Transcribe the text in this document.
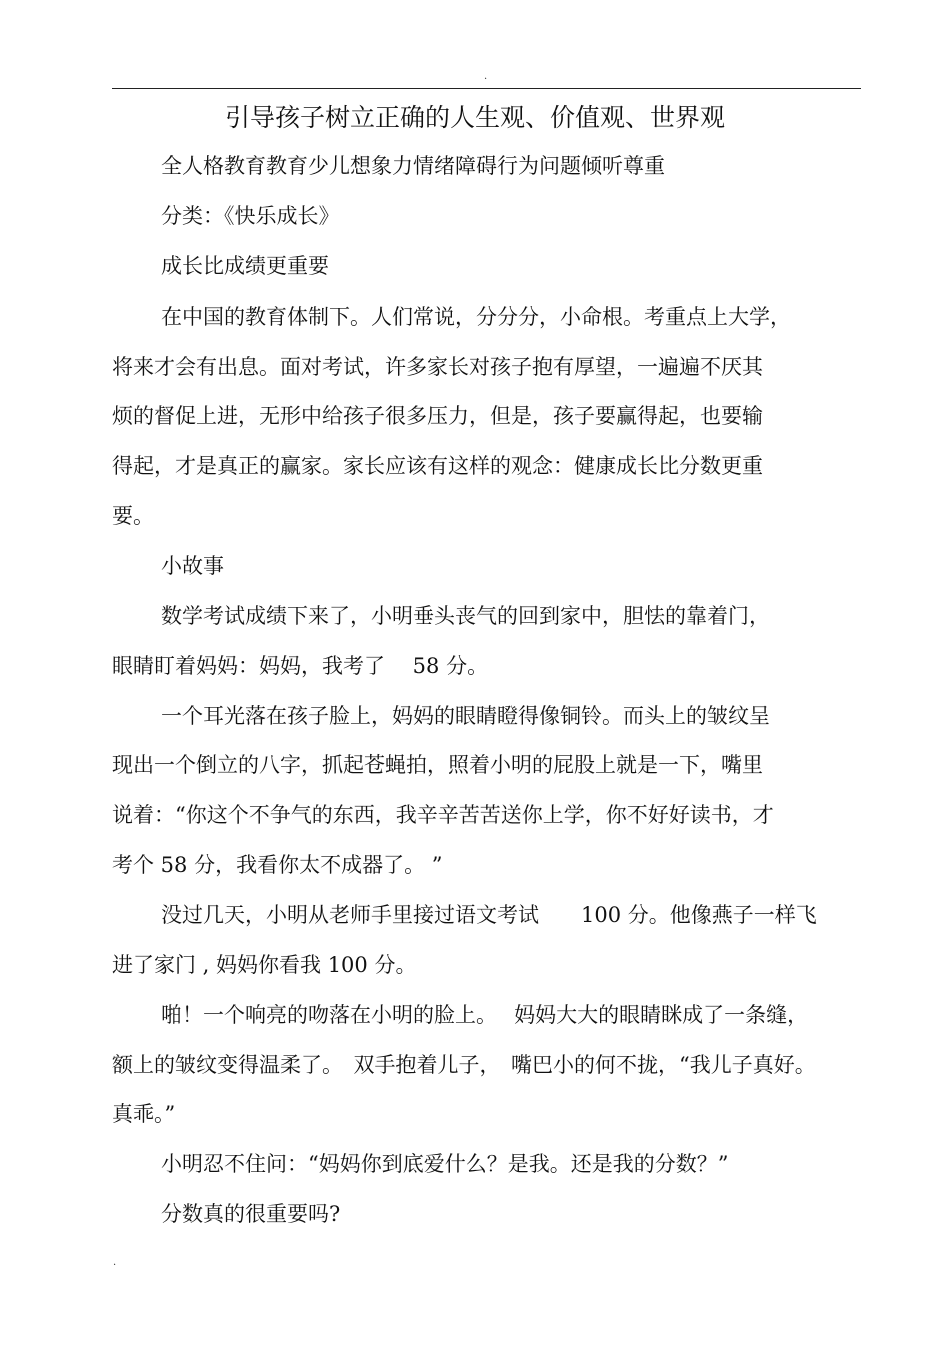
.
引导孩子树立正确的人生观、价值观、世界观

全人格教育教育少儿想象力情绪障碍行为问题倾听尊重

分类：《快乐成长》

成长比成绩更重要

在中国的教育体制下。人们常说，分分分，小命根。考重点上大学，

将来才会有出息。面对考试，许多家长对孩子抱有厚望，一遍遍不厌其

烦的督促上进，无形中给孩子很多压力，但是，孩子要赢得起，也要输

得起，才是真正的赢家。家长应该有这样的观念：健康成长比分数更重

要。

小故事

数学考试成绩下来了，小明垂头丧气的回到家中，胆怯的靠着门，

眼睛盯着妈妈：妈妈，我考了　 58 分。

一个耳光落在孩子脸上，妈妈的眼睛瞪得像铜铃。而头上的皱纹呈

现出一个倒立的八字，抓起苍蝇拍，照着小明的屁股上就是一下，嘴里

说着：“你这个不争气的东西，我辛辛苦苦送你上学，你不好好读书，才

考个 58 分，我看你太不成器了。 ”

没过几天，小明从老师手里接过语文考试　　100 分。他像燕子一样飞

进了家门 , 妈妈你看我 100 分。

啪！一个响亮的吻落在小明的脸上。　 妈妈大大的眼睛眯成了一条缝，

额上的皱纹变得温柔了。　双手抱着儿子，　嘴巴小的何不拢，“我儿子真好。

真乖。”

小明忍不住问：“妈妈你到底爱什么？是我。还是我的分数？”

分数真的很重要吗?

.
